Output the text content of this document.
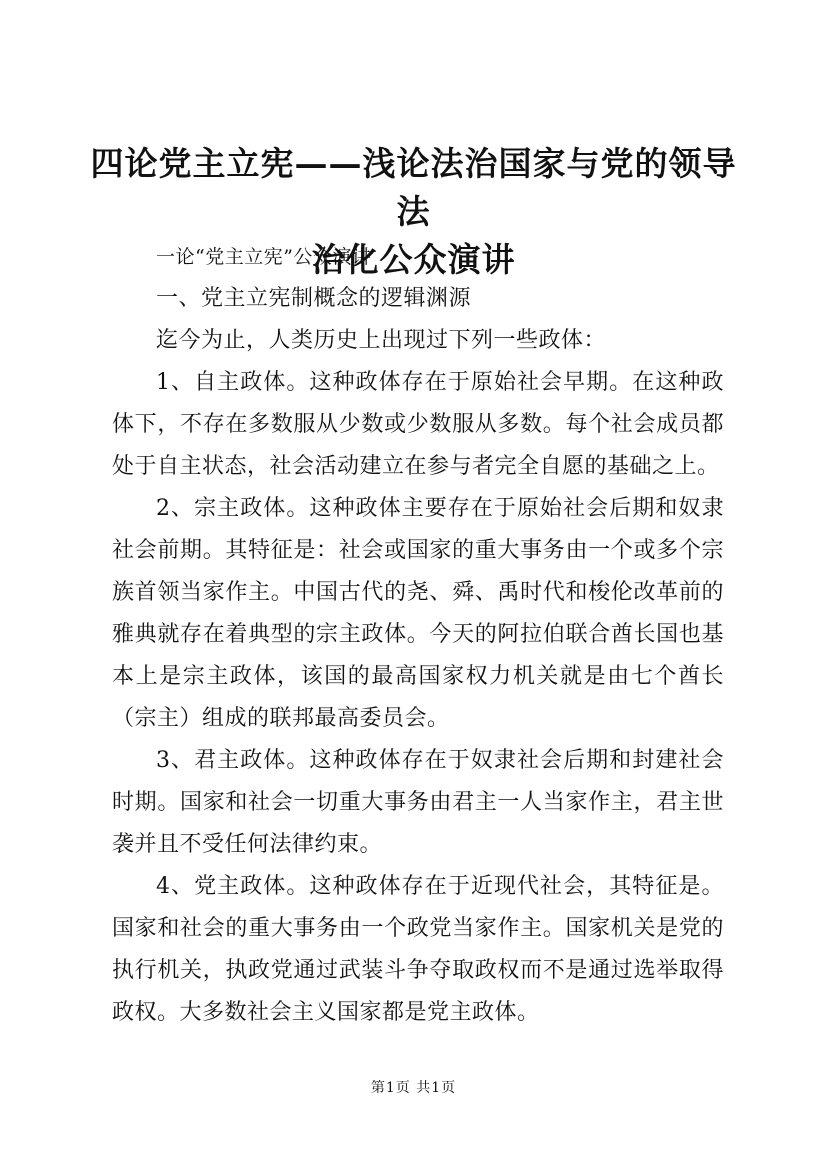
四论党主立宪——浅论法治国家与党的领导法
治化公众演讲

一论“党主立宪”公众演讲

一、党主立宪制概念的逻辑渊源

迄今为止，人类历史上出现过下列一些政体：

1、自主政体。这种政体存在于原始社会早期。在这种政体下，不存在多数服从少数或少数服从多数。每个社会成员都处于自主状态，社会活动建立在参与者完全自愿的基础之上。

2、宗主政体。这种政体主要存在于原始社会后期和奴隶社会前期。其特征是：社会或国家的重大事务由一个或多个宗族首领当家作主。中国古代的尧、舜、禹时代和梭伦改革前的雅典就存在着典型的宗主政体。今天的阿拉伯联合酋长国也基本上是宗主政体，该国的最高国家权力机关就是由七个酋长（宗主）组成的联邦最高委员会。

3、君主政体。这种政体存在于奴隶社会后期和封建社会时期。国家和社会一切重大事务由君主一人当家作主，君主世袭并且不受任何法律约束。

4、党主政体。这种政体存在于近现代社会，其特征是。国家和社会的重大事务由一个政党当家作主。国家机关是党的执行机关，执政党通过武装斗争夺取政权而不是通过选举取得政权。大多数社会主义国家都是党主政体。

第1页 共1页
